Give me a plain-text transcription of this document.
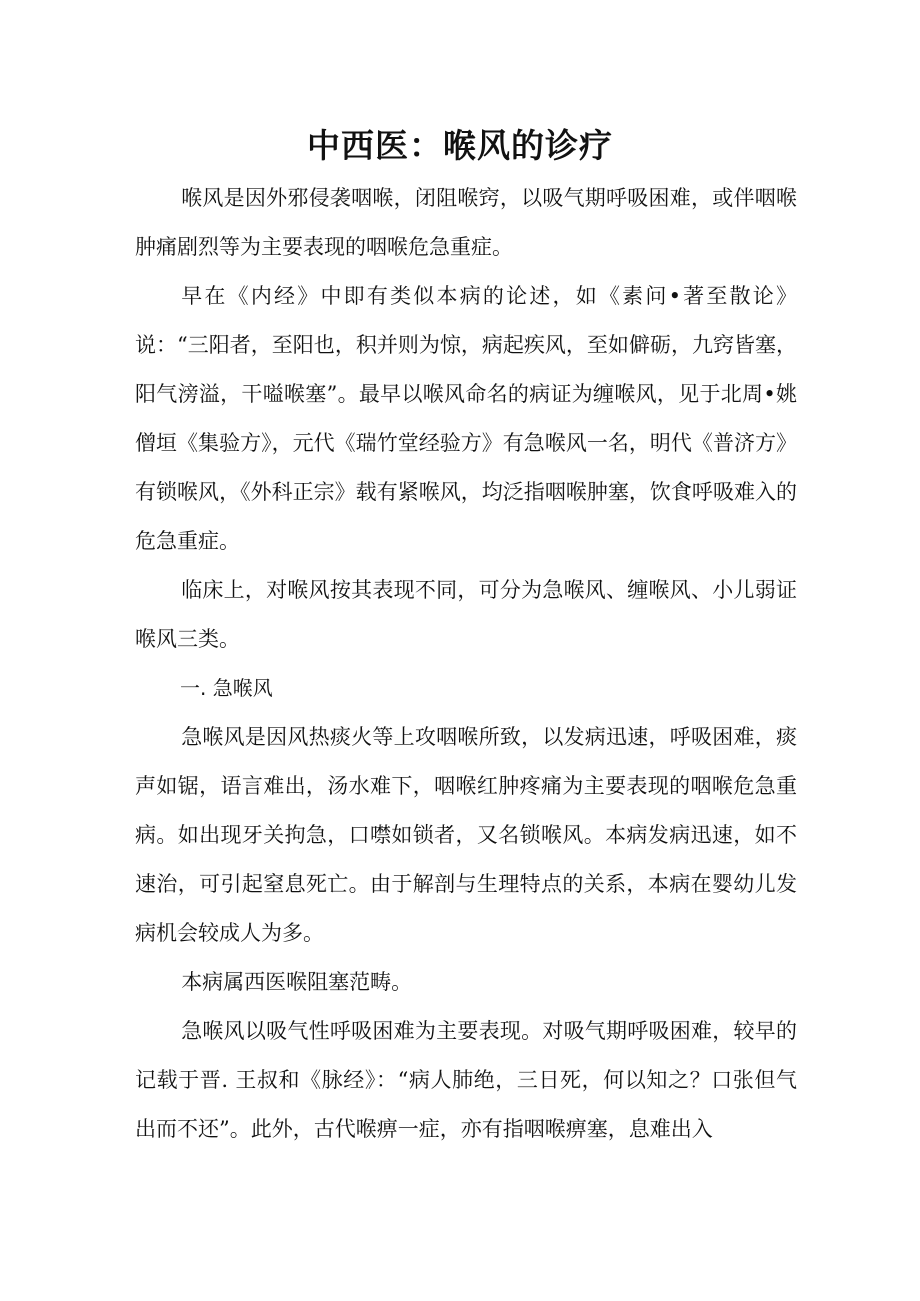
中西医：喉风的诊疗

喉风是因外邪侵袭咽喉，闭阻喉窍，以吸气期呼吸困难，或伴咽喉肿痛剧烈等为主要表现的咽喉危急重症。

早在《内经》中即有类似本病的论述，如《素问•著至散论》说：“三阳者，至阳也，积并则为惊，病起疾风，至如僻砺，九窍皆塞，阳气滂溢，干嗌喉塞”。最早以喉风命名的病证为缠喉风，见于北周•姚僧垣《集验方》，元代《瑞竹堂经验方》有急喉风一名，明代《普济方》有锁喉风，《外科正宗》载有紧喉风，均泛指咽喉肿塞，饮食呼吸难入的危急重症。

临床上，对喉风按其表现不同，可分为急喉风、缠喉风、小儿弱证喉风三类。

一. 急喉风

急喉风是因风热痰火等上攻咽喉所致，以发病迅速，呼吸困难，痰声如锯，语言难出，汤水难下，咽喉红肿疼痛为主要表现的咽喉危急重病。如出现牙关拘急，口噤如锁者，又名锁喉风。本病发病迅速，如不速治，可引起窒息死亡。由于解剖与生理特点的关系，本病在婴幼儿发病机会较成人为多。

本病属西医喉阻塞范畴。

急喉风以吸气性呼吸困难为主要表现。对吸气期呼吸困难，较早的记载于晋. 王叔和《脉经》：“病人肺绝，三日死，何以知之？口张但气出而不还”。此外，古代喉痹一症，亦有指咽喉痹塞，息难出入
